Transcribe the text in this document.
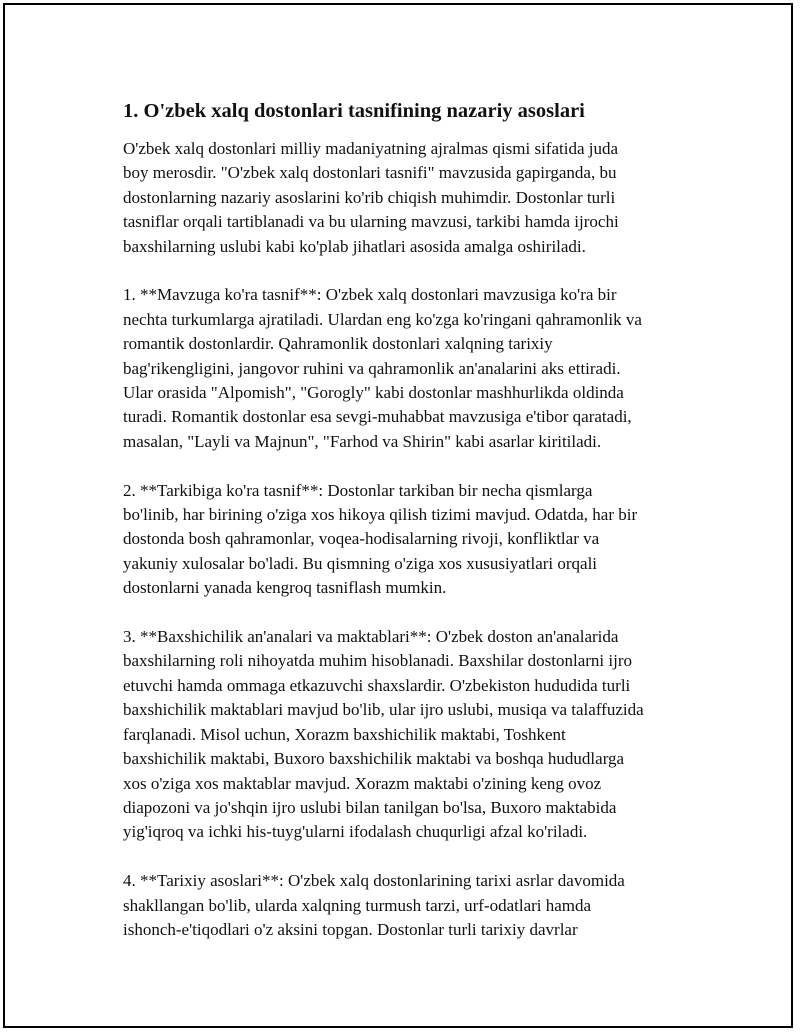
1. O'zbek xalq dostonlari tasnifining nazariy asoslari

O'zbek xalq dostonlari milliy madaniyatning ajralmas qismi sifatida juda
boy merosdir. "O'zbek xalq dostonlari tasnifi" mavzusida gapirganda, bu
dostonlarning nazariy asoslarini ko'rib chiqish muhimdir. Dostonlar turli
tasniflar orqali tartiblanadi va bu ularning mavzusi, tarkibi hamda ijrochi
baxshilarning uslubi kabi ko'plab jihatlari asosida amalga oshiriladi.

1. **Mavzuga ko'ra tasnif**: O'zbek xalq dostonlari mavzusiga ko'ra bir
nechta turkumlarga ajratiladi. Ulardan eng ko'zga ko'ringani qahramonlik va
romantik dostonlardir. Qahramonlik dostonlari xalqning tarixiy
bag'rikengligini, jangovor ruhini va qahramonlik an'analarini aks ettiradi.
Ular orasida "Alpomish", "Gorogly" kabi dostonlar mashhurlikda oldinda
turadi. Romantik dostonlar esa sevgi-muhabbat mavzusiga e'tibor qaratadi,
masalan, "Layli va Majnun", "Farhod va Shirin" kabi asarlar kiritiladi.

2. **Tarkibiga ko'ra tasnif**: Dostonlar tarkiban bir necha qismlarga
bo'linib, har birining o'ziga xos hikoya qilish tizimi mavjud. Odatda, har bir
dostonda bosh qahramonlar, voqea-hodisalarning rivoji, konfliktlar va
yakuniy xulosalar bo'ladi. Bu qismning o'ziga xos xususiyatlari orqali
dostonlarni yanada kengroq tasniflash mumkin.

3. **Baxshichilik an'analari va maktablari**: O'zbek doston an'analarida
baxshilarning roli nihoyatda muhim hisoblanadi. Baxshilar dostonlarni ijro
etuvchi hamda ommaga etkazuvchi shaxslardir. O'zbekiston hududida turli
baxshichilik maktablari mavjud bo'lib, ular ijro uslubi, musiqa va talaffuzida
farqlanadi. Misol uchun, Xorazm baxshichilik maktabi, Toshkent
baxshichilik maktabi, Buxoro baxshichilik maktabi va boshqa hududlarga
xos o'ziga xos maktablar mavjud. Xorazm maktabi o'zining keng ovoz
diapozoni va jo'shqin ijro uslubi bilan tanilgan bo'lsa, Buxoro maktabida
yig'iqroq va ichki his-tuyg'ularni ifodalash chuqurligi afzal ko'riladi.

4. **Tarixiy asoslari**: O'zbek xalq dostonlarining tarixi asrlar davomida
shakllangan bo'lib, ularda xalqning turmush tarzi, urf-odatlari hamda
ishonch-e'tiqodlari o'z aksini topgan. Dostonlar turli tarixiy davrlar
